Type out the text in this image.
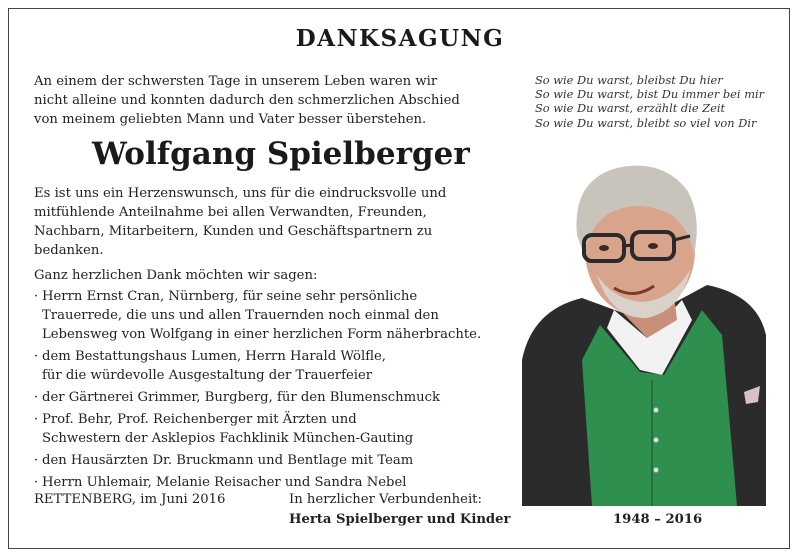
DANKSAGUNG
An einem der schwersten Tage in unserem Leben waren wir
nicht alleine und konnten dadurch den schmerzlichen Abschied
von meinem geliebten Mann und Vater besser überstehen.
So wie Du warst, bleibst Du hier
So wie Du warst, bist Du immer bei mir
So wie Du warst, erzählt die Zeit
So wie Du warst, bleibt so viel von Dir
Wolfgang Spielberger
Es ist uns ein Herzenswunsch, uns für die eindrucksvolle und
mitfühlende Anteilnahme bei allen Verwandten, Freunden,
Nachbarn, Mitarbeitern, Kunden und Geschäftspartnern zu
bedanken.
Ganz herzlichen Dank möchten wir sagen:
· Herrn Ernst Cran, Nürnberg, für seine sehr persönliche
Trauerrede, die uns und allen Trauernden noch einmal den
Lebensweg von Wolfgang in einer herzlichen Form näherbrachte.
· dem Bestattungshaus Lumen, Herrn Harald Wölfle,
für die würdevolle Ausgestaltung der Trauerfeier
· der Gärtnerei Grimmer, Burgberg, für den Blumenschmuck
· Prof. Behr, Prof. Reichenberger mit Ärzten und
Schwestern der Asklepios Fachklinik München-Gauting
· den Hausärzten Dr. Bruckmann und Bentlage mit Team
· Herrn Uhlemair, Melanie Reisacher und Sandra Nebel
RETTENBERG, im Juni 2016	In herzlicher Verbundenheit:
Herta Spielberger und Kinder	1948 – 2016
